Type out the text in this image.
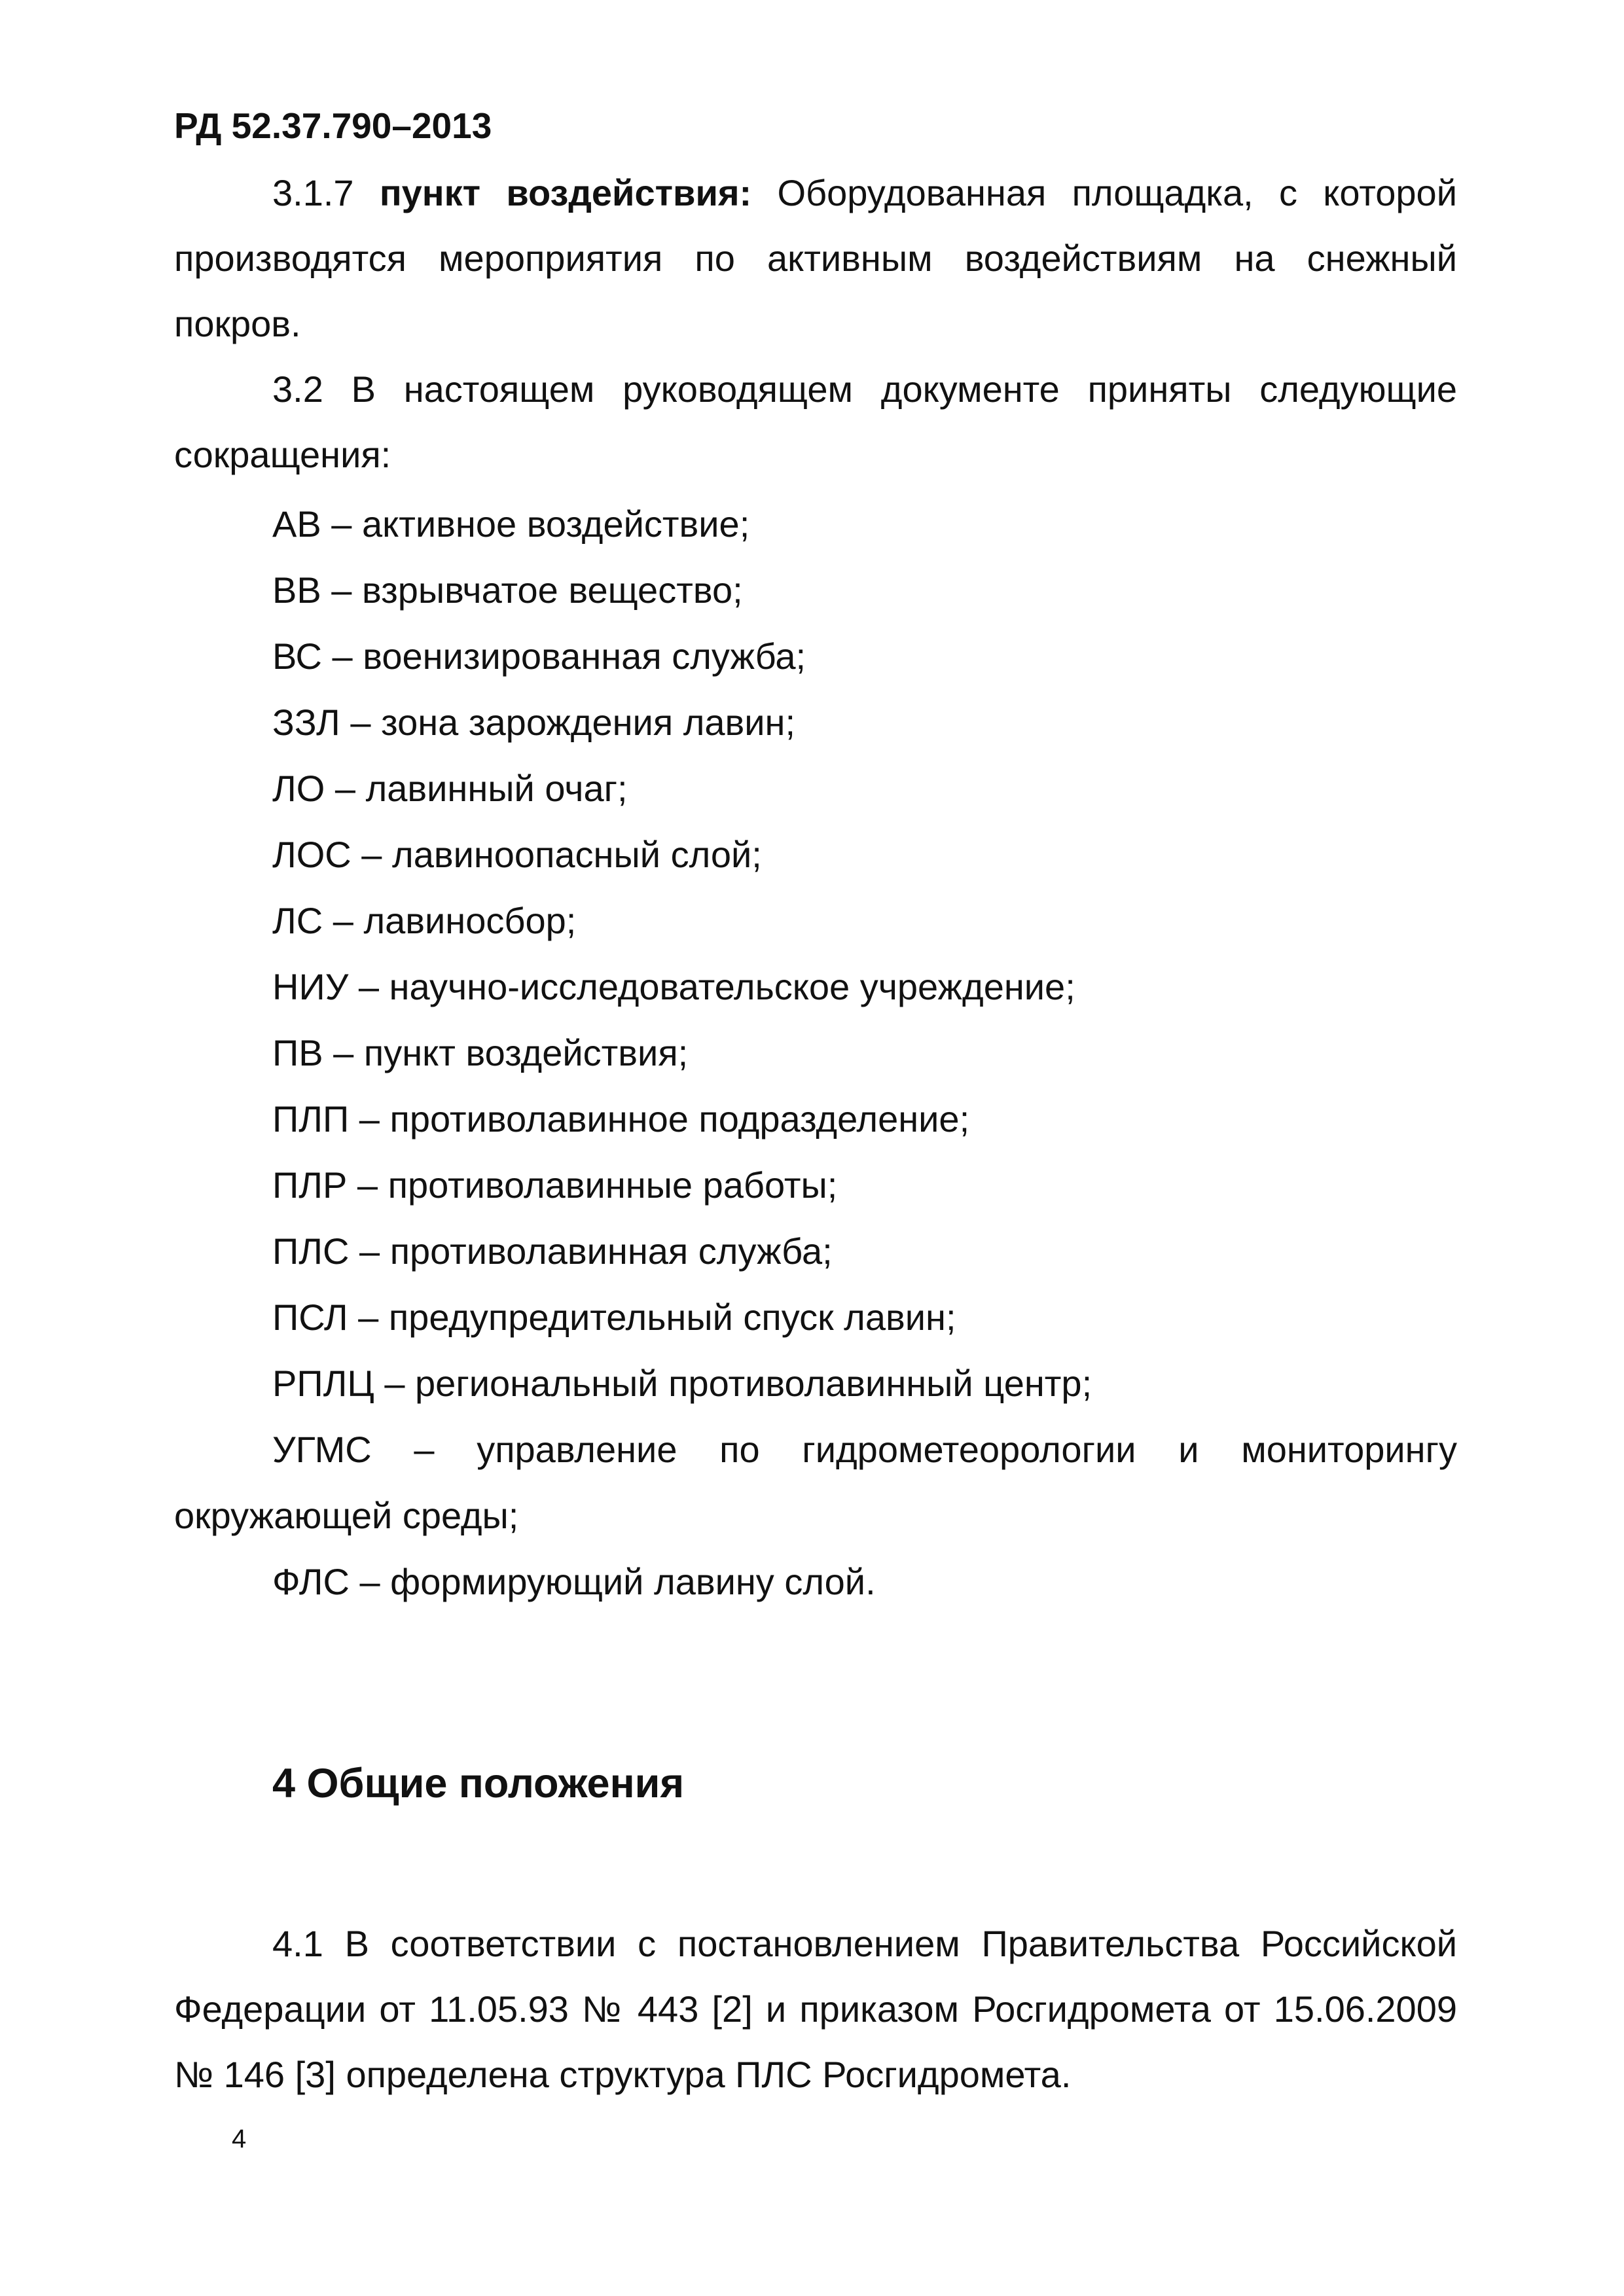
РД 52.37.790–2013

3.1.7 пункт воздействия: Оборудованная площадка, с которой производятся мероприятия по активным воздействиям на снежный покров.

3.2 В настоящем руководящем документе приняты следующие сокращения:

АВ – активное воздействие;
ВВ – взрывчатое вещество;
ВС – военизированная служба;
ЗЗЛ – зона зарождения лавин;
ЛО – лавинный очаг;
ЛОС – лавиноопасный слой;
ЛС – лавиносбор;
НИУ – научно-исследовательское учреждение;
ПВ – пункт воздействия;
ПЛП – противолавинное подразделение;
ПЛР – противолавинные работы;
ПЛС – противолавинная служба;
ПСЛ – предупредительный спуск лавин;
РПЛЦ – региональный противолавинный центр;
УГМС – управление по гидрометеорологии и мониторингу
окружающей среды;
ФЛС – формирующий лавину слой.
4 Общие положения

4.1 В соответствии с постановлением Правительства Российской Федерации от 11.05.93 № 443 [2] и приказом Росгидромета от 15.06.2009 № 146 [3] определена структура ПЛС Росгидромета.

4
